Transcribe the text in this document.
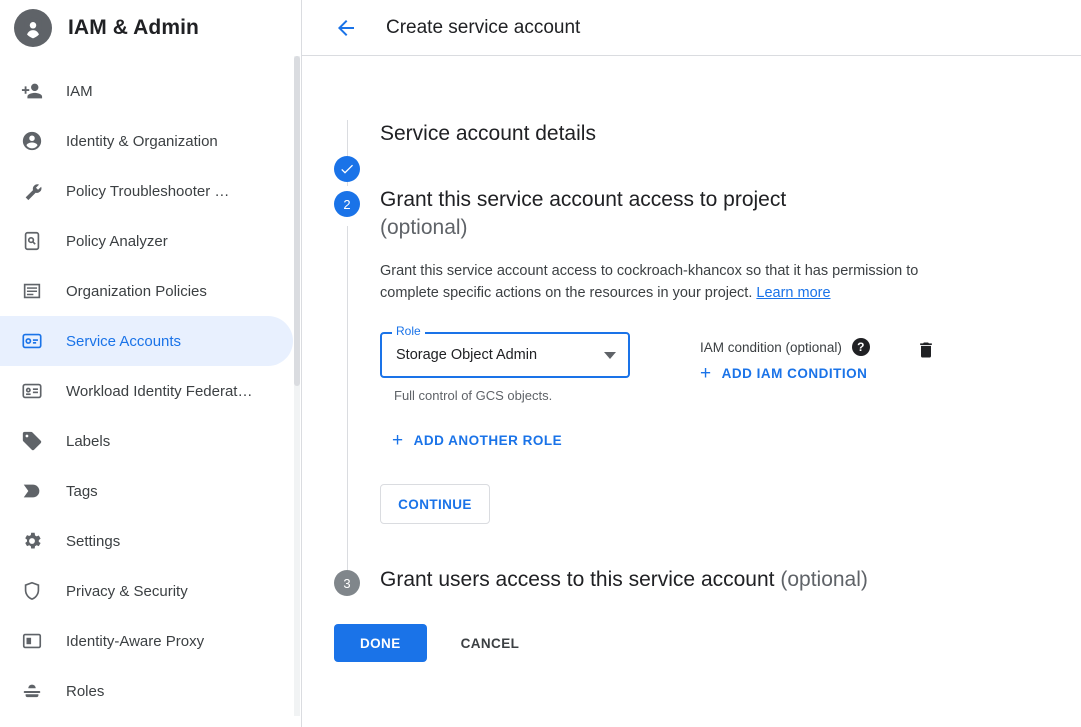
IAM & Admin
IAM
Identity & Organization
Policy Troubleshooter …
Policy Analyzer
Organization Policies
Service Accounts
Workload Identity Federat…
Labels
Tags
Settings
Privacy & Security
Identity-Aware Proxy
Roles
Create service account
Service account details
2	Grant this service account access to project
(optional)
Grant this service account access to cockroach-khancox so that it has permission to complete specific actions on the resources in your project. Learn more
Role
Storage Object Admin
Full control of GCS objects.
IAM condition (optional)	?
+ ADD IAM CONDITION
+ ADD ANOTHER ROLE
CONTINUE
3	Grant users access to this service account (optional)
DONE	CANCEL
